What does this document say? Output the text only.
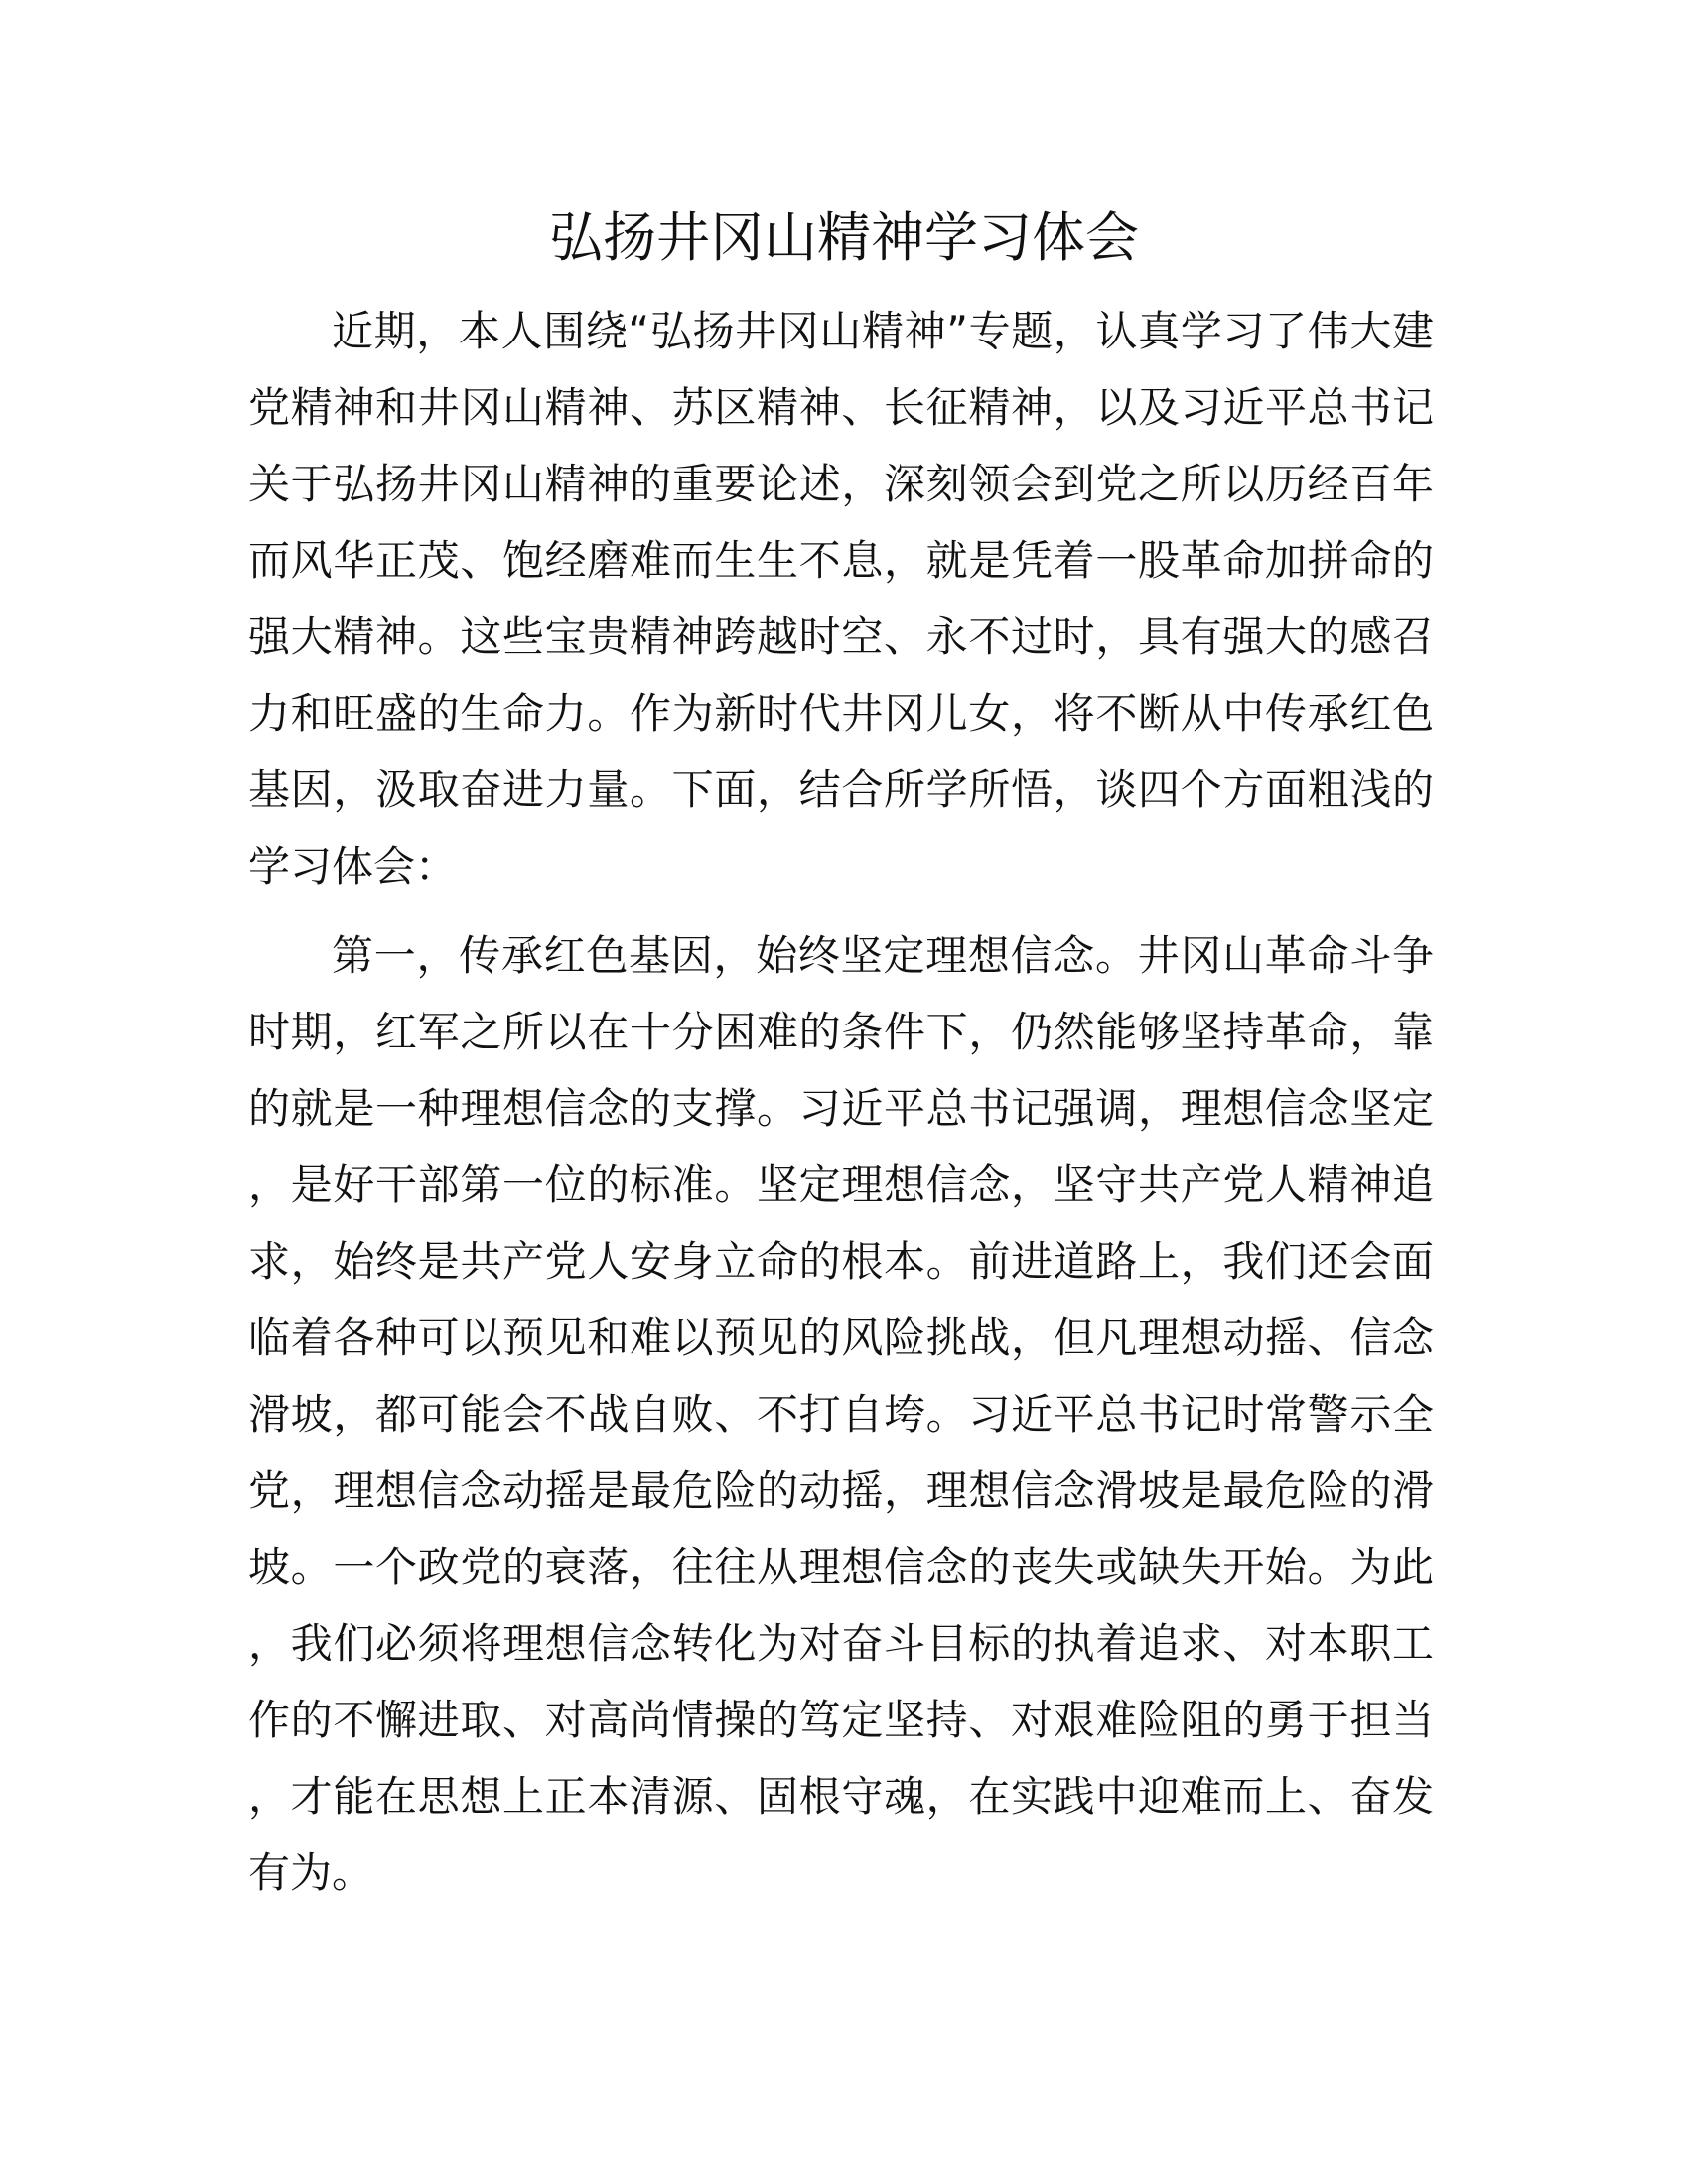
弘扬井冈山精神学习体会

近期，本人围绕“弘扬井冈山精神”专题，认真学习了伟大建党精神和井冈山精神、苏区精神、长征精神，以及习近平总书记关于弘扬井冈山精神的重要论述，深刻领会到党之所以历经百年而风华正茂、饱经磨难而生生不息，就是凭着一股革命加拼命的强大精神。这些宝贵精神跨越时空、永不过时，具有强大的感召力和旺盛的生命力。作为新时代井冈儿女，将不断从中传承红色基因，汲取奋进力量。下面，结合所学所悟，谈四个方面粗浅的学习体会：

第一，传承红色基因，始终坚定理想信念。井冈山革命斗争时期，红军之所以在十分困难的条件下，仍然能够坚持革命，靠的就是一种理想信念的支撑。习近平总书记强调，理想信念坚定，是好干部第一位的标准。坚定理想信念，坚守共产党人精神追求，始终是共产党人安身立命的根本。前进道路上，我们还会面临着各种可以预见和难以预见的风险挑战，但凡理想动摇、信念滑坡，都可能会不战自败、不打自垮。习近平总书记时常警示全党，理想信念动摇是最危险的动摇，理想信念滑坡是最危险的滑坡。一个政党的衰落，往往从理想信念的丧失或缺失开始。为此，我们必须将理想信念转化为对奋斗目标的执着追求、对本职工作的不懈进取、对高尚情操的笃定坚持、对艰难险阻的勇于担当，才能在思想上正本清源、固根守魂，在实践中迎难而上、奋发有为。
